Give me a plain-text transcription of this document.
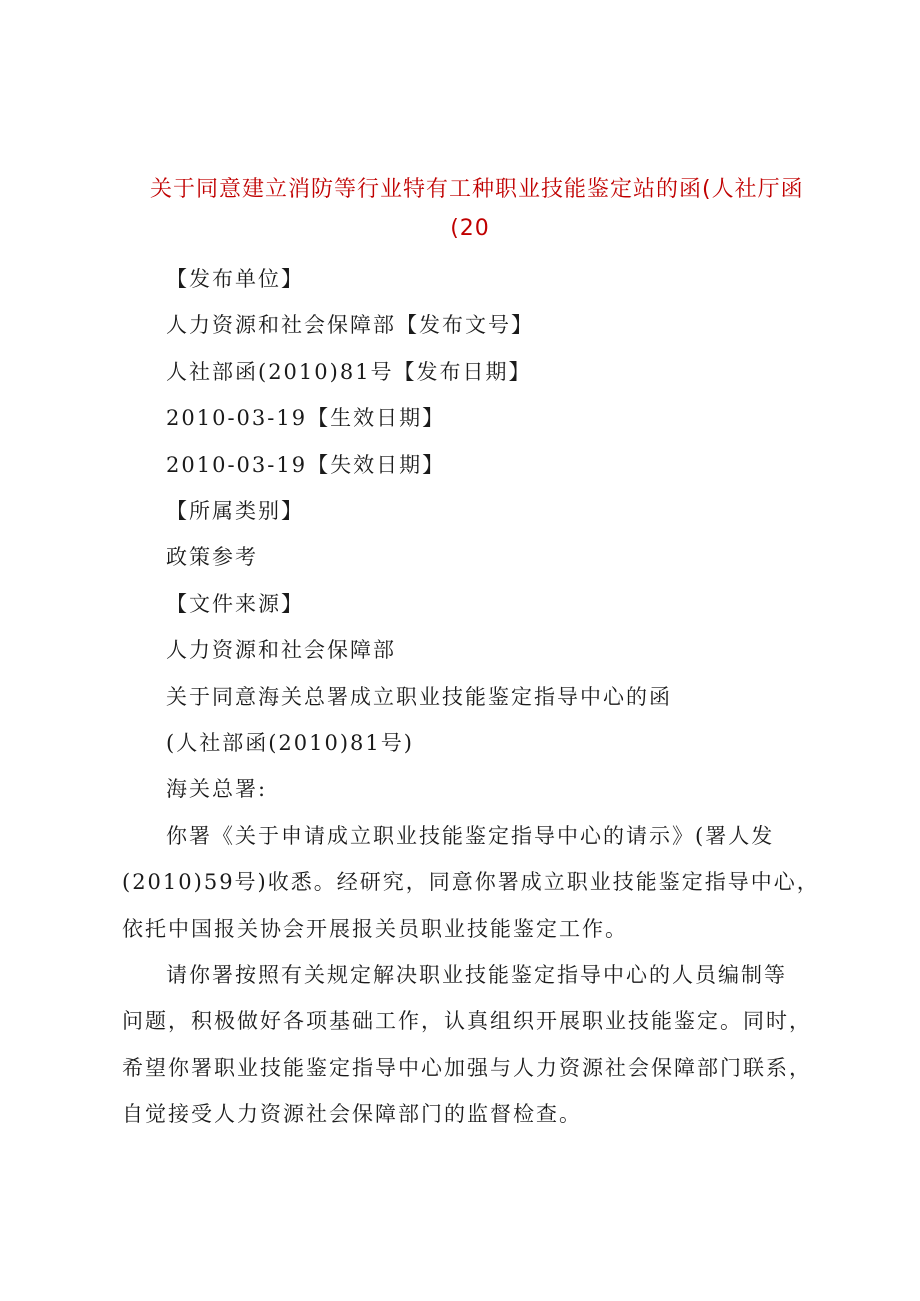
关于同意建立消防等行业特有工种职业技能鉴定站的函(人社厅函
(20
【发布单位】
人力资源和社会保障部【发布文号】
人社部函(2010)81号【发布日期】
2010-03-19【生效日期】
2010-03-19【失效日期】
【所属类别】
政策参考
【文件来源】
人力资源和社会保障部
关于同意海关总署成立职业技能鉴定指导中心的函
(人社部函(2010)81号)
海关总署:
你署《关于申请成立职业技能鉴定指导中心的请示》(署人发
(2010)59号)收悉。经研究，同意你署成立职业技能鉴定指导中心，
依托中国报关协会开展报关员职业技能鉴定工作。
请你署按照有关规定解决职业技能鉴定指导中心的人员编制等
问题，积极做好各项基础工作，认真组织开展职业技能鉴定。同时，
希望你署职业技能鉴定指导中心加强与人力资源社会保障部门联系，
自觉接受人力资源社会保障部门的监督检查。
